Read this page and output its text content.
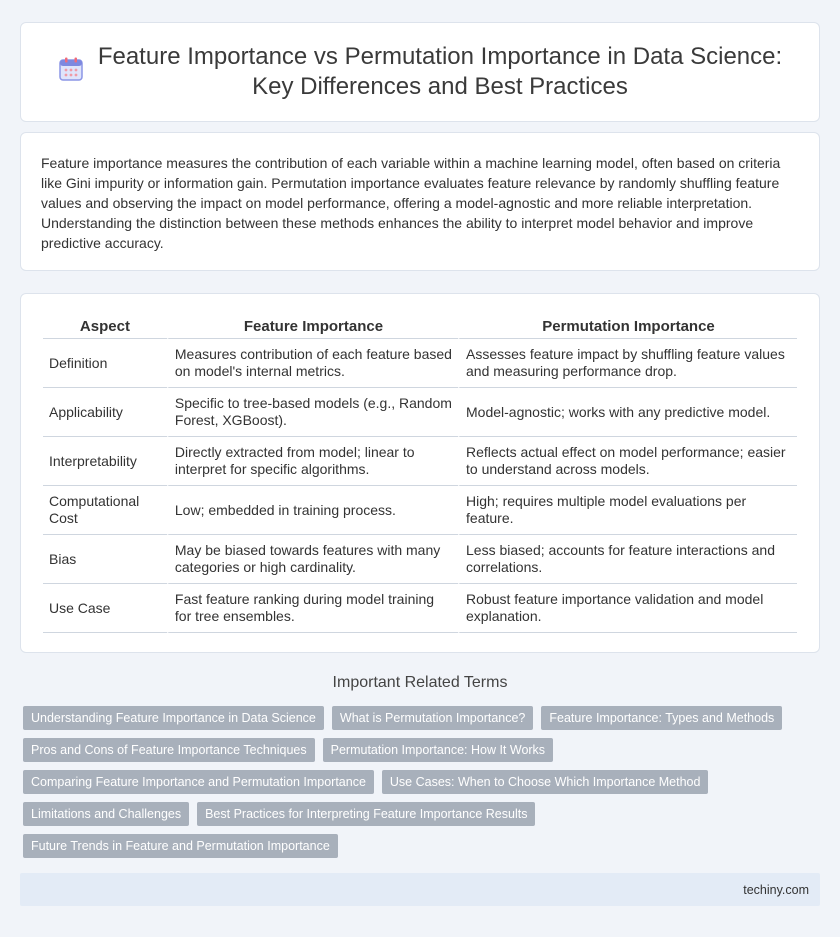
Feature Importance vs Permutation Importance in Data Science:
Key Differences and Best Practices

Feature importance measures the contribution of each variable within a machine learning model, often based on criteria like Gini impurity or information gain. Permutation importance evaluates feature relevance by randomly shuffling feature values and observing the impact on model performance, offering a model-agnostic and more reliable interpretation. Understanding the distinction between these methods enhances the ability to interpret model behavior and improve predictive accuracy.

Aspect	Feature Importance	Permutation Importance
Definition	Measures contribution of each feature based on model's internal metrics.	Assesses feature impact by shuffling feature values and measuring performance drop.
Applicability	Specific to tree-based models (e.g., Random Forest, XGBoost).	Model-agnostic; works with any predictive model.
Interpretability	Directly extracted from model; linear to interpret for specific algorithms.	Reflects actual effect on model performance; easier to understand across models.
Computational Cost	Low; embedded in training process.	High; requires multiple model evaluations per feature.
Bias	May be biased towards features with many categories or high cardinality.	Less biased; accounts for feature interactions and correlations.
Use Case	Fast feature ranking during model training for tree ensembles.	Robust feature importance validation and model explanation.
Important Related Terms
Understanding Feature Importance in Data Science	What is Permutation Importance?	Feature Importance: Types and Methods
Pros and Cons of Feature Importance Techniques	Permutation Importance: How It Works
Comparing Feature Importance and Permutation Importance	Use Cases: When to Choose Which Importance Method
Limitations and Challenges	Best Practices for Interpreting Feature Importance Results
Future Trends in Feature and Permutation Importance
techiny.com
